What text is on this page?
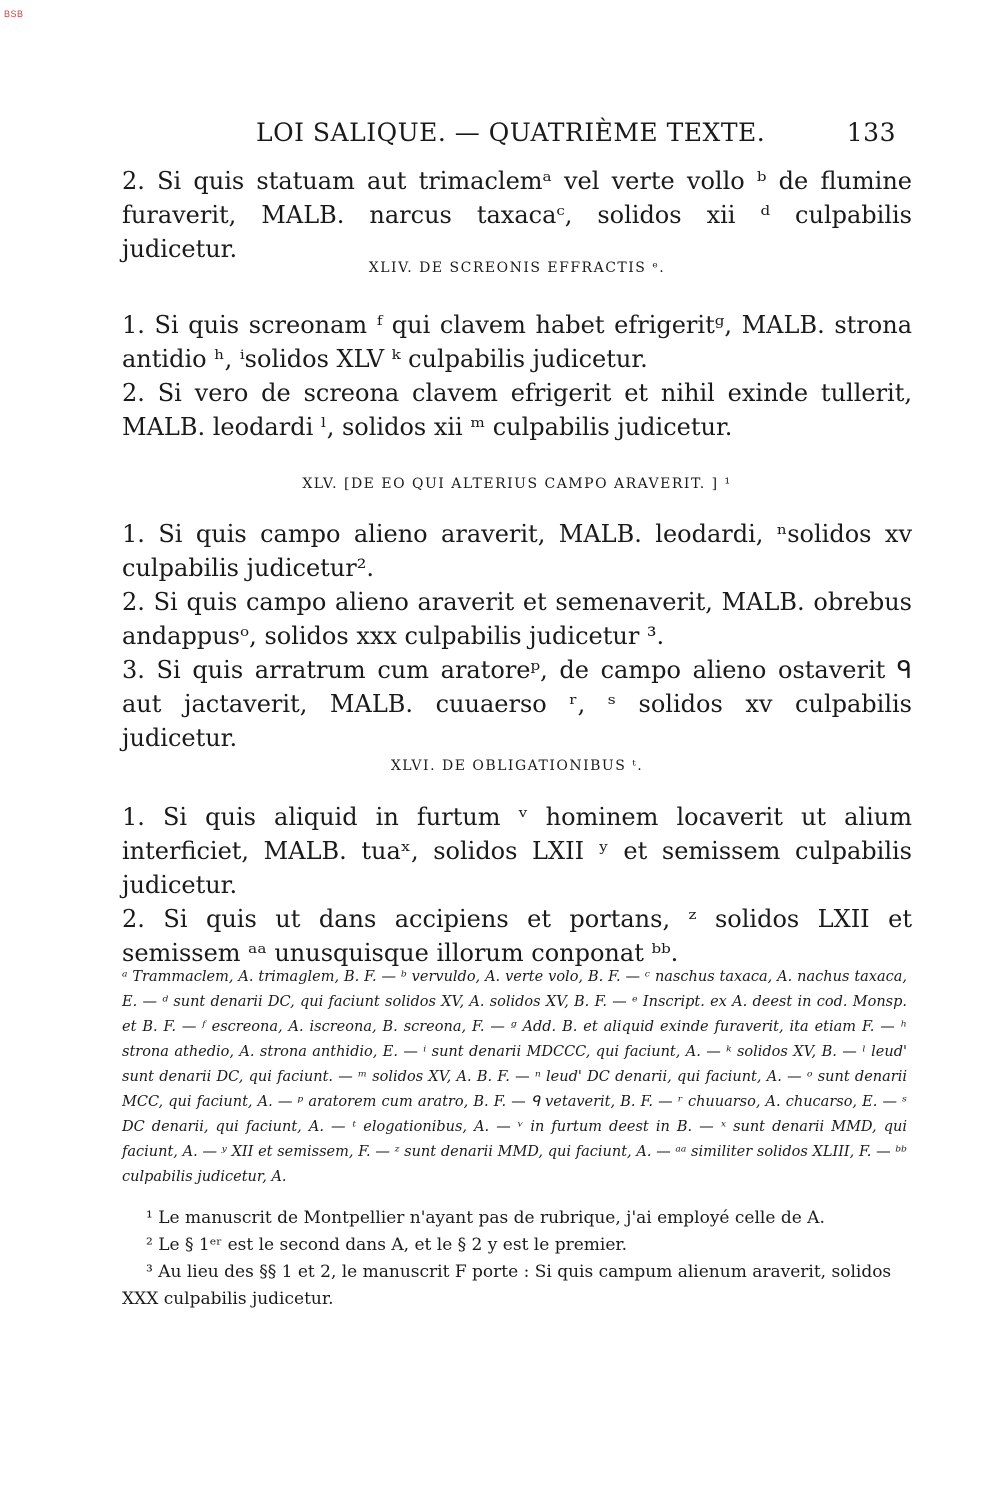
BSB
LOI SALIQUE. — QUATRIÈME TEXTE.	133

2. Si quis statuam aut trimaclemᵃ vel verte vollo ᵇ de flumine furaverit, MALB. narcus taxacaᶜ, solidos xii ᵈ culpabilis judicetur.

XLIV. DE SCREONIS EFFRACTIS ᵉ.

1. Si quis screonam ᶠ qui clavem habet efrigeritᵍ, MALB. strona antidio ʰ, ⁱsolidos XLV ᵏ culpabilis judicetur.

2. Si vero de screona clavem efrigerit et nihil exinde tullerit, MALB. leodardi ˡ, solidos xii ᵐ culpabilis judicetur.

XLV. [DE EO QUI ALTERIUS CAMPO ARAVERIT. ] ¹

1. Si quis campo alieno araverit, MALB. leodardi, ⁿsolidos xv culpabilis judicetur².

2. Si quis campo alieno araverit et semenaverit, MALB. obrebus andappusᵒ, solidos xxx culpabilis judicetur ³.

3. Si quis arratrum cum aratoreᵖ, de campo alieno ostaverit ᑫ aut jactaverit, MALB. cuuaerso ʳ, ˢ solidos xv culpabilis judicetur.

XLVI. DE OBLIGATIONIBUS ᵗ.

1. Si quis aliquid in furtum ᵛ hominem locaverit ut alium interficiet, MALB. tuaˣ, solidos LXII ʸ et semissem culpabilis judicetur.

2. Si quis ut dans accipiens et portans, ᶻ solidos LXII et semissem ᵃᵃ unusquisque illorum conponat ᵇᵇ.

ᵃ Trammaclem, A. trimaglem, B. F. — ᵇ vervuldo, A. verte volo, B. F. — ᶜ naschus taxaca, A. nachus taxaca, E. — ᵈ sunt denarii DC, qui faciunt solidos XV, A. solidos XV, B. F. — ᵉ Inscript. ex A. deest in cod. Monsp. et B. F. — ᶠ escreona, A. iscreona, B. screona, F. — ᵍ Add. B. et aliquid exinde furaverit, ita etiam F. — ʰ strona athedio, A. strona anthidio, E. — ⁱ sunt denarii MDCCC, qui faciunt, A. — ᵏ solidos XV, B. — ˡ leud' sunt denarii DC, qui faciunt. — ᵐ solidos XV, A. B. F. — ⁿ leud' DC denarii, qui faciunt, A. — ᵒ sunt denarii MCC, qui faciunt, A. — ᵖ aratorem cum aratro, B. F. — ᑫ vetaverit, B. F. — ʳ chuuarso, A. chucarso, E. — ˢ DC denarii, qui faciunt, A. — ᵗ elogationibus, A. — ᵛ in furtum deest in B. — ˣ sunt denarii MMD, qui faciunt, A. — ʸ XII et semissem, F. — ᶻ sunt denarii MMD, qui faciunt, A. — ᵃᵃ similiter solidos XLIII, F. — ᵇᵇ culpabilis judicetur, A.

¹ Le manuscrit de Montpellier n'ayant pas de rubrique, j'ai employé celle de A.

² Le § 1ᵉʳ est le second dans A, et le § 2 y est le premier.

³ Au lieu des §§ 1 et 2, le manuscrit F porte : Si quis campum alienum araverit, solidos XXX culpabilis judicetur.
